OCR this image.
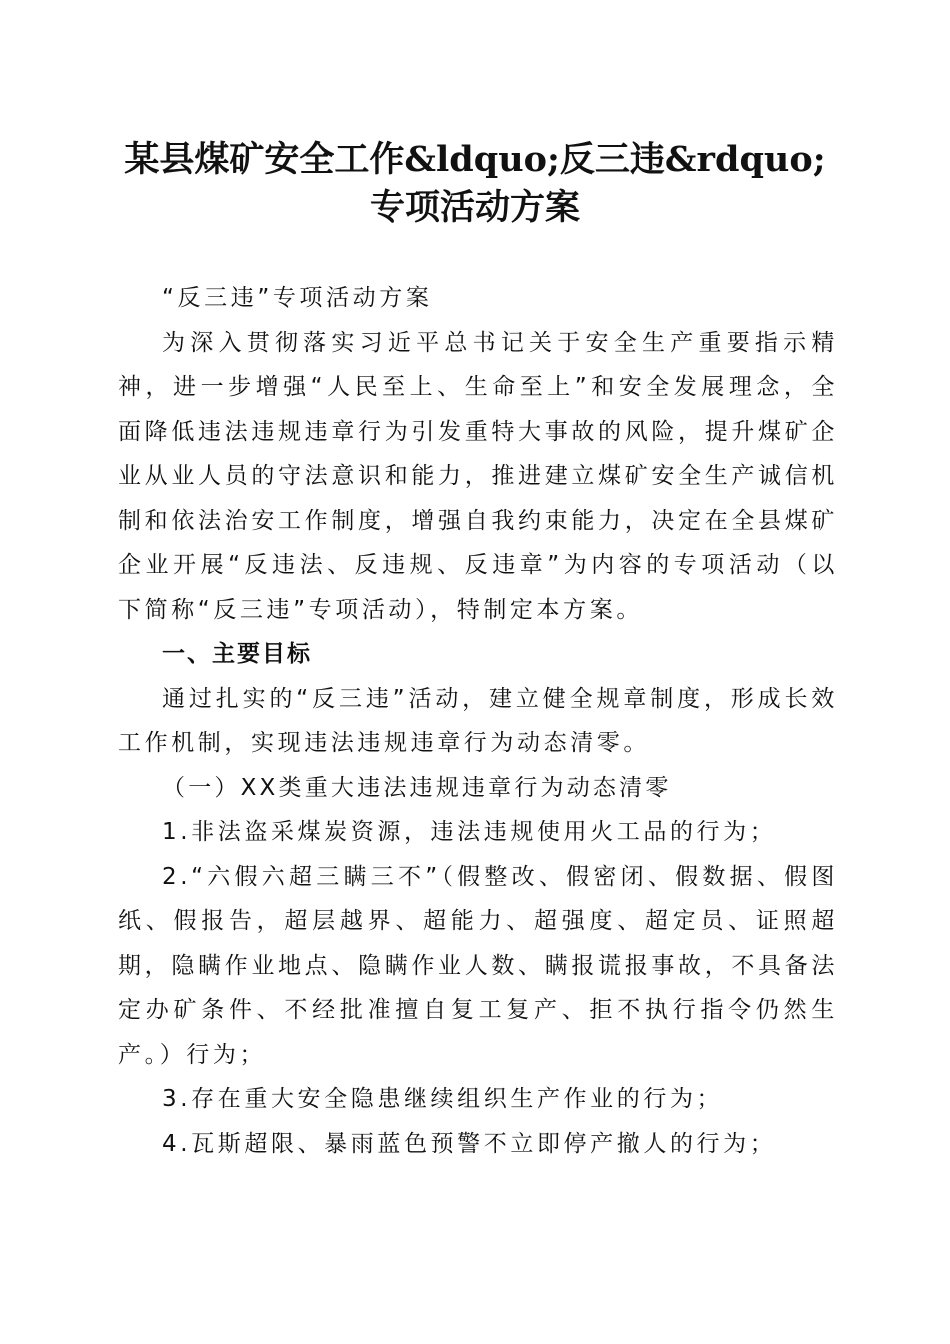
某县煤矿安全工作&ldquo;反三违&rdquo;
专项活动方案

“反三违”专项活动方案

为深入贯彻落实习近平总书记关于安全生产重要指示精神，进一步增强“人民至上、生命至上”和安全发展理念，全面降低违法违规违章行为引发重特大事故的风险，提升煤矿企业从业人员的守法意识和能力，推进建立煤矿安全生产诚信机制和依法治安工作制度，增强自我约束能力，决定在全县煤矿企业开展“反违法、反违规、反违章”为内容的专项活动（以下简称“反三违”专项活动），特制定本方案。

一、主要目标

通过扎实的“反三违”活动，建立健全规章制度，形成长效工作机制，实现违法违规违章行为动态清零。

（一）XX类重大违法违规违章行为动态清零

1.非法盗采煤炭资源，违法违规使用火工品的行为；

2.“六假六超三瞒三不”（假整改、假密闭、假数据、假图纸、假报告，超层越界、超能力、超强度、超定员、证照超期，隐瞒作业地点、隐瞒作业人数、瞒报谎报事故，不具备法定办矿条件、不经批准擅自复工复产、拒不执行指令仍然生产。）行为；

3.存在重大安全隐患继续组织生产作业的行为；

4.瓦斯超限、暴雨蓝色预警不立即停产撤人的行为；
